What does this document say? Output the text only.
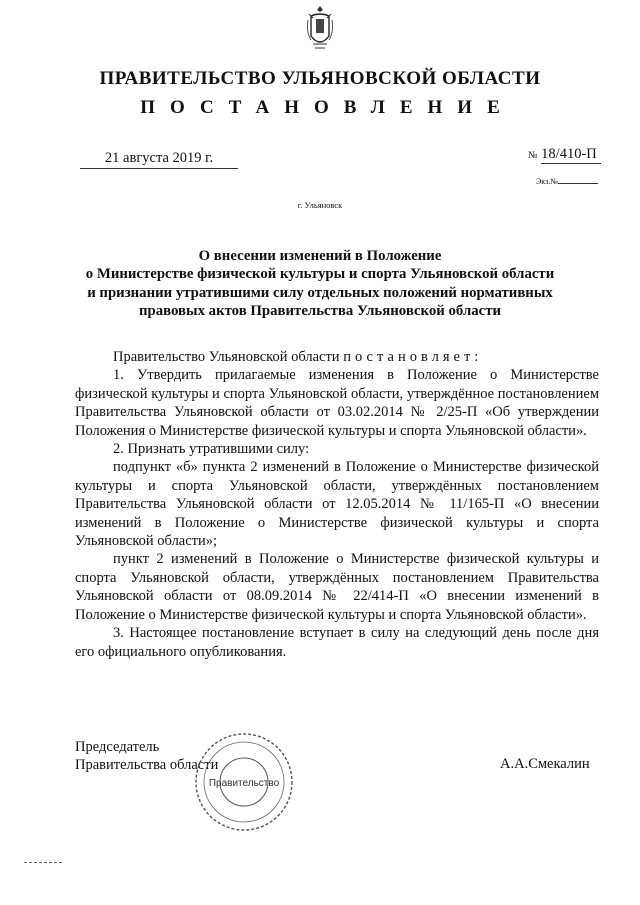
ПРАВИТЕЛЬСТВО УЛЬЯНОВСКОЙ ОБЛАСТИ
ПОСТАНОВЛЕНИЕ
21 августа 2019 г.	№ 18/410-П
Экз.№
г. Ульяновск
О внесении изменений в Положение
о Министерстве физической культуры и спорта Ульяновской области
и признании утратившими силу отдельных положений нормативных
правовых актов Правительства Ульяновской области

Правительство Ульяновской области постановляет:

1. Утвердить прилагаемые изменения в Положение о Министерстве физической культуры и спорта Ульяновской области, утверждённое постановлением Правительства Ульяновской области от 03.02.2014 № 2/25-П «Об утверждении Положения о Министерстве физической культуры и спорта Ульяновской области».

2. Признать утратившими силу:

подпункт «б» пункта 2 изменений в Положение о Министерстве физической культуры и спорта Ульяновской области, утверждённых постановлением Правительства Ульяновской области от 12.05.2014 № 11/165-П «О внесении изменений в Положение о Министерстве физической культуры и спорта Ульяновской области»;

пункт 2 изменений в Положение о Министерстве физической культуры и спорта Ульяновской области, утверждённых постановлением Правительства Ульяновской области от 08.09.2014 № 22/414-П «О внесении изменений в Положение о Министерстве физической культуры и спорта Ульяновской области».

3. Настоящее постановление вступает в силу на следующий день после дня его официального опубликования.

Председатель
Правительства области
Правительство
А.А.Смекалин
